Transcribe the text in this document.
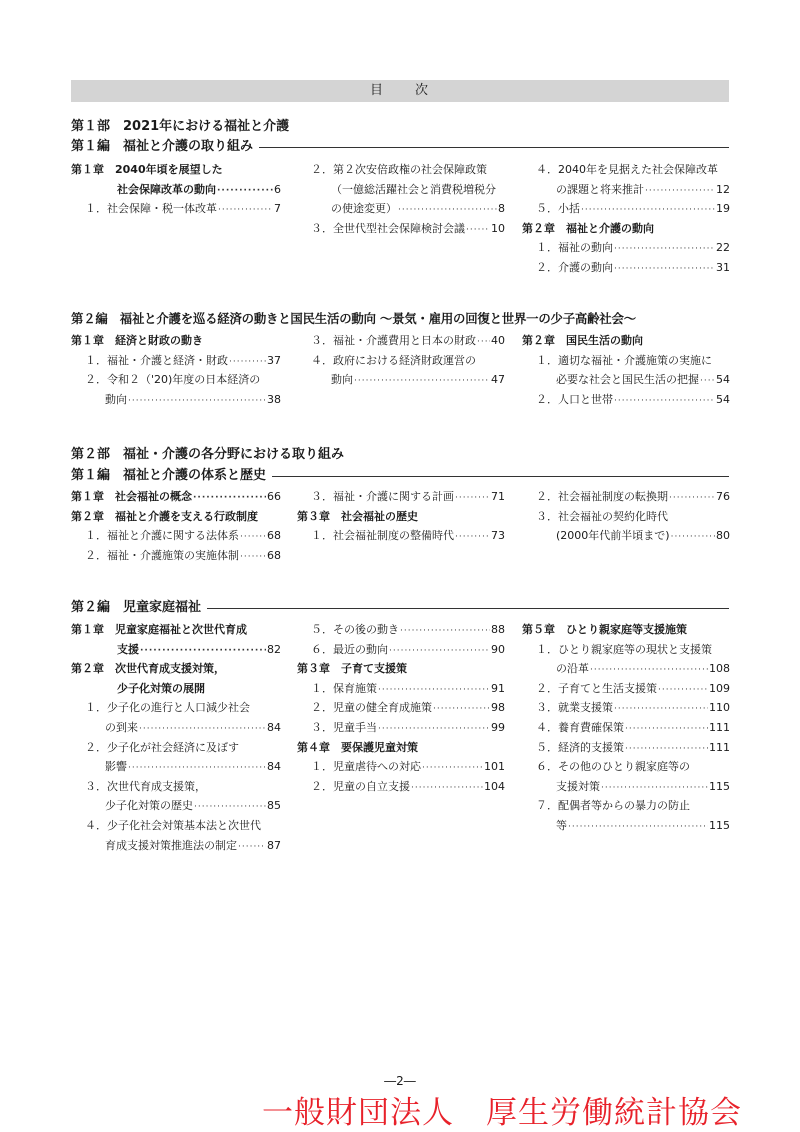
目　　次
第１部　2021年における福祉と介護
第１編　福祉と介護の取り組み
第１章　2040年頃を展望した
社会保障改革の動向 ·····	6
１．社会保障・税一体改革 ·····	7
２．第２次安倍政権の社会保障政策
（一億総活躍社会と消費税増税分
の使途変更） ·····	8
３．全世代型社会保障検討会議 ····· 10
４．2040年を見据えた社会保障改革
の課題と将来推計 ·····	12
５．小括 ·····	19
第２章　福祉と介護の動向
１．福祉の動向 ·····	22
２．介護の動向 ·····	31
第２編　福祉と介護を巡る経済の動きと国民生活の動向 ～景気・雇用の回復と世界一の少子高齢社会～
第１章　経済と財政の動き
１．福祉・介護と経済・財政 ·····	37
２．令和２（'20)年度の日本経済の
動向 ·····	38
３．福祉・介護費用と日本の財政 ····· 40
４．政府における経済財政運営の
動向 ·····	47
第２章　国民生活の動向
１．適切な福祉・介護施策の実施に
必要な社会と国民生活の把握 ····· 54
２．人口と世帯 ·····	54
第２部　福祉・介護の各分野における取り組み
第１編　福祉と介護の体系と歴史
第１章　社会福祉の概念 ·····	66
第２章　福祉と介護を支える行政制度
１．福祉と介護に関する法体系 ·····	68
２．福祉・介護施策の実施体制 ·····	68
３．福祉・介護に関する計画 ·····	71
第３章　社会福祉の歴史
１．社会福祉制度の整備時代 ·····	73
２．社会福祉制度の転換期 ·····	76
３．社会福祉の契約化時代
(2000年代前半頃まで) ·····	80
第２編　児童家庭福祉
第１章　児童家庭福祉と次世代育成
支援 ·····	82
第２章　次世代育成支援対策，
少子化対策の展開
１．少子化の進行と人口減少社会
の到来 ·····	84
２．少子化が社会経済に及ぼす
影響 ·····	84
３．次世代育成支援策，
少子化対策の歴史 ·····	85
４．少子化社会対策基本法と次世代
育成支援対策推進法の制定 ·····	87
５．その後の動き ·····	88
６．最近の動向 ·····	90
第３章　子育て支援策
１．保育施策 ·····	91
２．児童の健全育成施策 ·····	98
３．児童手当 ·····	99
第４章　要保護児童対策
１．児童虐待への対応 ·····	101
２．児童の自立支援 ·····	104
第５章　ひとり親家庭等支援施策
１．ひとり親家庭等の現状と支援策
の沿革 ·····	108
２．子育てと生活支援策 ·····	109
３．就業支援策 ·····	110
４．養育費確保策 ·····	111
５．経済的支援策 ·····	111
６．その他のひとり親家庭等の
支援対策 ·····	115
７．配偶者等からの暴力の防止
等 ·····	115
―2―
一般財団法人　厚生労働統計協会
